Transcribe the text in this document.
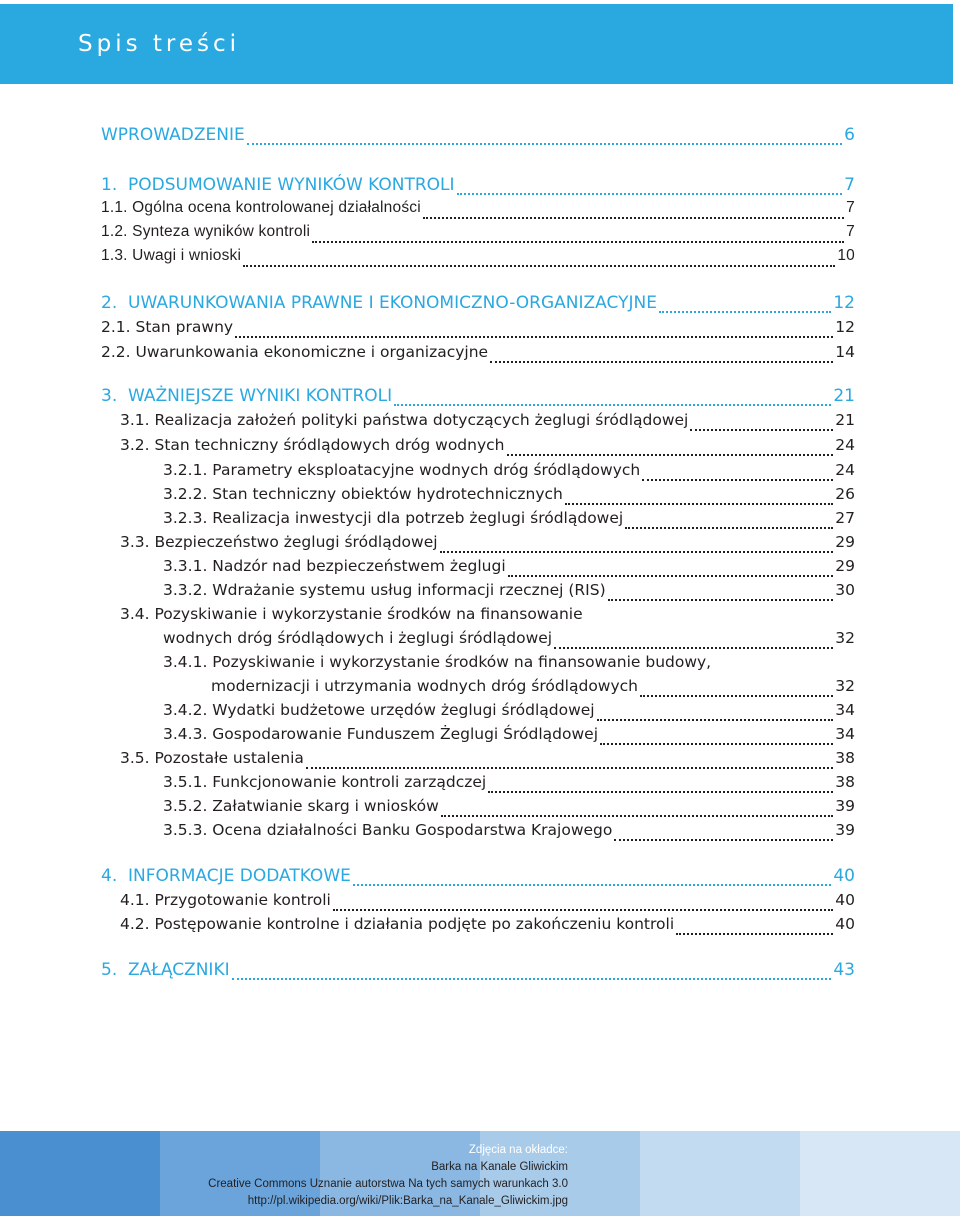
Spis treści
WPROWADZENIE	6
1. PODSUMOWANIE WYNIKÓW KONTROLI	7
1.1. Ogólna ocena kontrolowanej działalności	7
1.2. Synteza wyników kontroli	7
1.3. Uwagi i wnioski	10
2. UWARUNKOWANIA PRAWNE I EKONOMICZNO-ORGANIZACYJNE	12
2.1. Stan prawny	12
2.2. Uwarunkowania ekonomiczne i organizacyjne	14
3. WAŻNIEJSZE WYNIKI KONTROLI	21
3.1. Realizacja założeń polityki państwa dotyczących żeglugi śródlądowej	21
3.2. Stan techniczny śródlądowych dróg wodnych	24
3.2.1. Parametry eksploatacyjne wodnych dróg śródlądowych	24
3.2.2. Stan techniczny obiektów hydrotechnicznych	26
3.2.3. Realizacja inwestycji dla potrzeb żeglugi śródlądowej	27
3.3. Bezpieczeństwo żeglugi śródlądowej	29
3.3.1. Nadzór nad bezpieczeństwem żeglugi	29
3.3.2. Wdrażanie systemu usług informacji rzecznej (RIS)	30
3.4. Pozyskiwanie i wykorzystanie środków na finansowanie
wodnych dróg śródlądowych i żeglugi śródlądowej	32
3.4.1. Pozyskiwanie i wykorzystanie środków na finansowanie budowy,
modernizacji i utrzymania wodnych dróg śródlądowych	32
3.4.2. Wydatki budżetowe urzędów żeglugi śródlądowej	34
3.4.3. Gospodarowanie Funduszem Żeglugi Śródlądowej	34
3.5. Pozostałe ustalenia	38
3.5.1. Funkcjonowanie kontroli zarządczej	38
3.5.2. Załatwianie skarg i wniosków	39
3.5.3. Ocena działalności Banku Gospodarstwa Krajowego	39
4. INFORMACJE DODATKOWE	40
4.1. Przygotowanie kontroli	40
4.2. Postępowanie kontrolne i działania podjęte po zakończeniu kontroli	40
5. ZAŁĄCZNIKI	43
Zdjęcia na okładce:
Barka na Kanale Gliwickim
Creative Commons Uznanie autorstwa Na tych samych warunkach 3.0
http://pl.wikipedia.org/wiki/Plik:Barka_na_Kanale_Gliwickim.jpg
